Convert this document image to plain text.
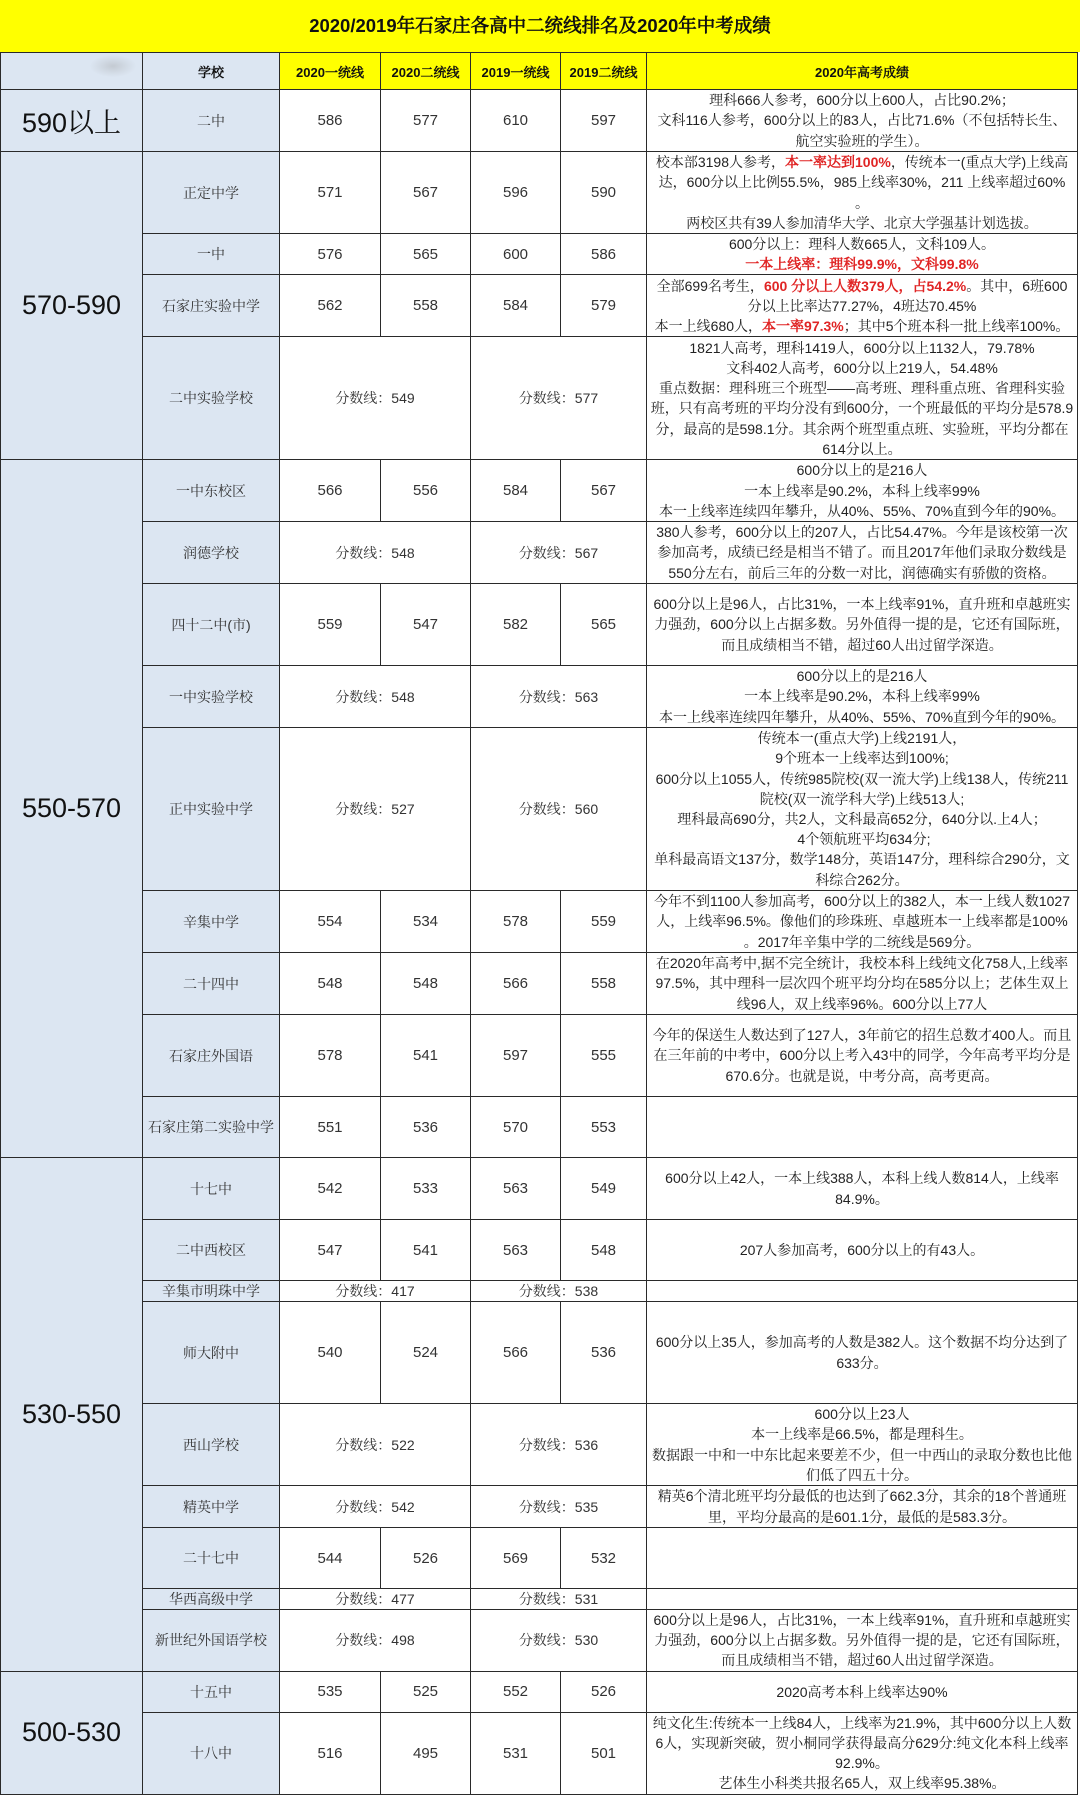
2020/2019年石家庄各高中二统线排名及2020年中考成绩
	学校	2020一统线	2020二统线	2019一统线	2019二统线	2020年高考成绩
590以上	二中	586	577	610	597	理科666人参考，600分以上600人，占比90.2%；
文科116人参考，600分以上的83人，占比71.6%（不包括特长生、
航空实验班的学生）。

570-590	正定中学	571	567	596	590	校本部3198人参考，本一率达到100%，传统本一(重点大学)上线高
达，600分以上比例55.5%，985上线率30%，211 上线率超过60%
。
两校区共有39人参加清华大学、北京大学强基计划选拔。

	一中	576	565	600	586	600分以上：理科人数665人，文科109人。
一本上线率：理科99.9%，文科99.8%

	石家庄实验中学	562	558	584	579	全部699名考生，600 分以上人数379人，占54.2%。其中，6班600
分以上比率达77.27%，4班达70.45%
本一上线680人，本一率97.3%；其中5个班本科一批上线率100%。

二中实验学校	分数线：549	分数线：577	
1821人高考，理科1419人，600分以上1132人，79.78%
文科402人高考，600分以上219人，54.48%
重点数据：理科班三个班型——高考班、理科重点班、省理科实验
班，只有高考班的平均分没有到600分，一个班最低的平均分是578.9
分，最高的是598.1分。其余两个班型重点班、实验班，平均分都在
614分以上。

550-570	一中东校区	566	556	584	567	600分以上的是216人
一本上线率是90.2%，本科上线率99%
本一上线率连续四年攀升，从40%、55%、70%直到今年的90%。

	润德学校	分数线：548		分数线：567		380人参考，600分以上的207人，占比54.47%。今年是该校第一次
参加高考，成绩已经是相当不错了。而且2017年他们录取分数线是
550分左右，前后三年的分数一对比，润德确实有骄傲的资格。

	四十二中(市)	559	547	582	565	600分以上是96人，占比31%，一本上线率91%，直升班和卓越班实
力强劲，600分以上占据多数。另外值得一提的是，它还有国际班，
而且成绩相当不错，超过60人出过留学深造。

	一中实验学校	分数线：548		分数线：563		600分以上的是216人
一本上线率是90.2%，本科上线率99%
本一上线率连续四年攀升，从40%、55%、70%直到今年的90%。

正中实验中学	分数线：527	分数线：560	
传统本一(重点大学)上线2191人，
9个班本一上线率达到100%;
600分以上1055人，传统985院校(双一流大学)上线138人，传统211
院校(双一流学科大学)上线513人;
理科最高690分，共2人，文科最高652分，640分以.上4人；
4个领航班平均634分;
单科最高语文137分，数学148分，英语147分，理科综合290分，文
科综合262分。

	辛集中学	554	534	578	559	今年不到1100人参加高考，600分以上的382人，本一上线人数1027
人，上线率96.5%。像他们的珍珠班、卓越班本一上线率都是100%
。2017年辛集中学的二统线是569分。

	二十四中	548	548	566	558	在2020年高考中,据不完全统计，我校本科上线纯文化758人,上线率
97.5%，其中理科一层次四个班平均分均在585分以上；艺体生双上
线96人，双上线率96%。600分以上77人

	石家庄外国语	578	541	597	555	今年的保送生人数达到了127人，3年前它的招生总数才400人。而且
在三年前的中考中，600分以上考入43中的同学，今年高考平均分是
670.6分。也就是说，中考分高，高考更高。

	石家庄第二实验中学	551	536	570	553	
530-550	十七中	542	533	563	549	600分以上42人，一本上线388人，本科上线人数814人，上线率
84.9%。

	二中西校区	547	541	563	548	207人参加高考，600分以上的有43人。

	辛集市明珠中学	分数线：417		分数线：538		
	师大附中	540	524	566	536	600分以上35人，参加高考的人数是382人。这个数据不均分达到了
633分。

	西山学校	分数线：522		分数线：536		600分以上23人
本一上线率是66.5%，都是理科生。
数据跟一中和一中东比起来要差不少，但一中西山的录取分数也比他
们低了四五十分。

	精英中学	分数线：542		分数线：535		精英6个清北班平均分最低的也达到了662.3分，其余的18个普通班
里，平均分最高的是601.1分，最低的是583.3分。

	二十七中	544	526	569	532	
	华西高级中学	分数线：477		分数线：531		
	新世纪外国语学校	分数线：498		分数线：530		600分以上是96人，占比31%，一本上线率91%，直升班和卓越班实
力强劲，600分以上占据多数。另外值得一提的是，它还有国际班，
而且成绩相当不错，超过60人出过留学深造。

500-530	十五中	535	525	552	526	2020高考本科上线率达90%

	十八中	516	495	531	501	纯文化生:传统本一上线84人，上线率为21.9%，其中600分以上人数
6人，实现新突破，贺小桐同学获得最高分629分:纯文化本科上线率
92.9%。
艺体生小科类共报名65人，双上线率95.38%。
